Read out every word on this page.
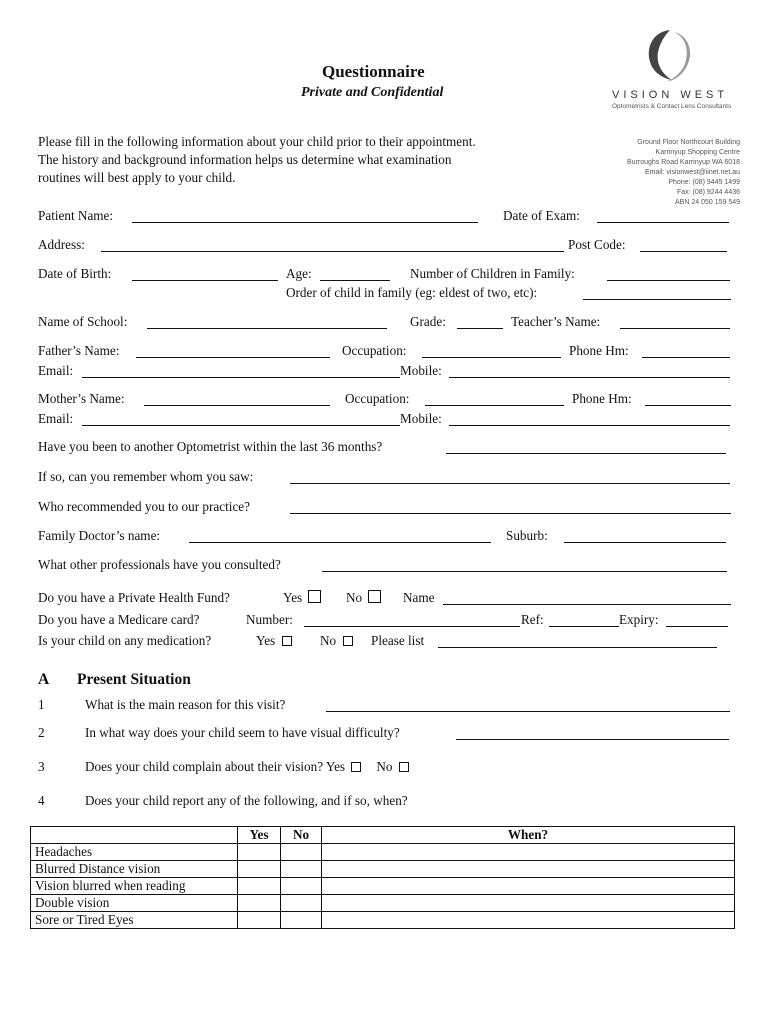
Questionnaire
Private and Confidential	VISION WEST
Optometrists & Contact Lens Consultants
Ground Floor Northcourt Building
Karrinyup Shopping Centre
Burroughs Road Karrinyup WA 6018
Email: visionwest@iinet.net.au
Phone: (08) 9445 1499
Fax: (08) 9244 4436
ABN 24 050 159 549
Please fill in the following information about your child prior to their appointment.
The history and background information helps us determine what examination
routines will best apply to your child.
Patient Name:	Date of Exam:
Address:	Post Code:
Date of Birth:	Age:	Number of Children in Family:
Order of child in family (eg: eldest of two, etc):
Name of School:	Grade:	Teacher’s Name:
Father’s Name:	Occupation:	Phone Hm:
Email:	Mobile:
Mother’s Name:	Occupation:	Phone Hm:
Email:	Mobile:
Have you been to another Optometrist within the last 36 months?
If so, can you remember whom you saw:
Who recommended you to our practice?
Family Doctor’s name:	Suburb:
What other professionals have you consulted?
Do you have a Private Health Fund?	Yes	No	Name
Do you have a Medicare card?	Number:	Ref:	Expiry:
Is your child on any medication?	Yes	No	Please list
A Present Situation
1	What is the main reason for this visit?
2	In what way does your child seem to have visual difficulty?
3	Does your child complain about their vision? Yes No
4	Does your child report any of the following, and if so, when?
	Yes	No	When?
Headaches			
Blurred Distance vision			
Vision blurred when reading			
Double vision			
Sore or Tired Eyes			
